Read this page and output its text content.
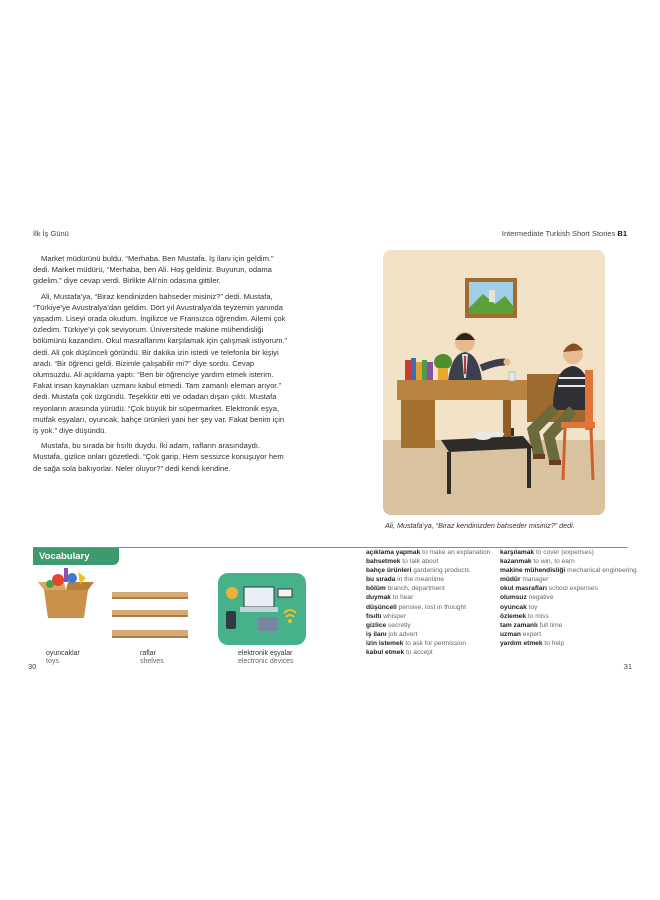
İlk İş Günü	Intermediate Turkish Short Stories B1

Market müdürünü buldu. “Merhaba. Ben Mustafa. İş ilanı için geldim.” dedi. Market müdürü, “Merhaba, ben Ali. Hoş geldiniz. Buyurun, odama gidelim.” diye cevap verdi. Birlikte Ali’nin odasına gittiler.

Ali, Mustafa’ya, “Biraz kendinizden bahseder misiniz?” dedi. Mustafa, “Türkiye’ye Avustralya’dan geldim. Dört yıl Avustralya’da teyzemin yanında yaşadım. Liseyi orada okudum. İngilizce ve Fransızca öğrendim. Ailemi çok özledim. Türkiye’yi çok seviyorum. Üniversitede makine mühendisliği bölümünü kazandım. Okul masraflarımı karşılamak için çalışmak istiyorum.” dedi. Ali çok düşünceli göründü. Bir dakika izin istedi ve telefonla bir kişiyi aradı. “Bir öğrenci geldi. Bizimle çalışabilir mi?” diye sordu. Cevap olumsuzdu. Ali açıklama yaptı: “Ben bir öğrenciye yardım etmek isterim. Fakat insan kaynakları uzmanı kabul etmedi. Tam zamanlı eleman arıyor.” dedi. Mustafa çok üzgündü. Teşekkür etti ve odadan dışarı çıktı. Mustafa reyonların arasında yürüdü. “Çok büyük bir süpermarket. Elektronik eşya, mutfak eşyaları, oyuncak, bahçe ürünleri yani her şey var. Fakat benim için iş yok.” diye düşündü.

Mustafa, bu sırada bir fısıltı duydu. İki adam, rafların arasındaydı. Mustafa, gizlice onları gözetledi. “Çok garip. Hem sessizce konuşuyor hem de sağa sola bakıyorlar. Neler oluyor?” dedi kendi kendine.

Ali, Mustafa’ya, “Biraz kendinizden bahseder misiniz?” dedi.
Vocabulary
oyuncaklar
toys
raflar
shelves
elektronik eşyalar
electronic devices
30	31
açıklama yapmak to make an explanation
bahsetmek to talk about
bahçe ürünleri gardening products
bu sırada in the meantime
bölüm branch, department
duymak to hear
düşünceli pensive, lost in thought
fısıltı whisper
gizlice secretly
iş ilanı job advert
izin istemek to ask for permission
kabul etmek to accept
karşılamak to cover (expenses)
kazanmak to win, to earn
makine mühendisliği mechanical engineering
müdür manager
okul masrafları school expenses
olumsuz negative
oyuncak toy
özlemek to miss
tam zamanlı full time
uzman expert
yardım etmek to help
